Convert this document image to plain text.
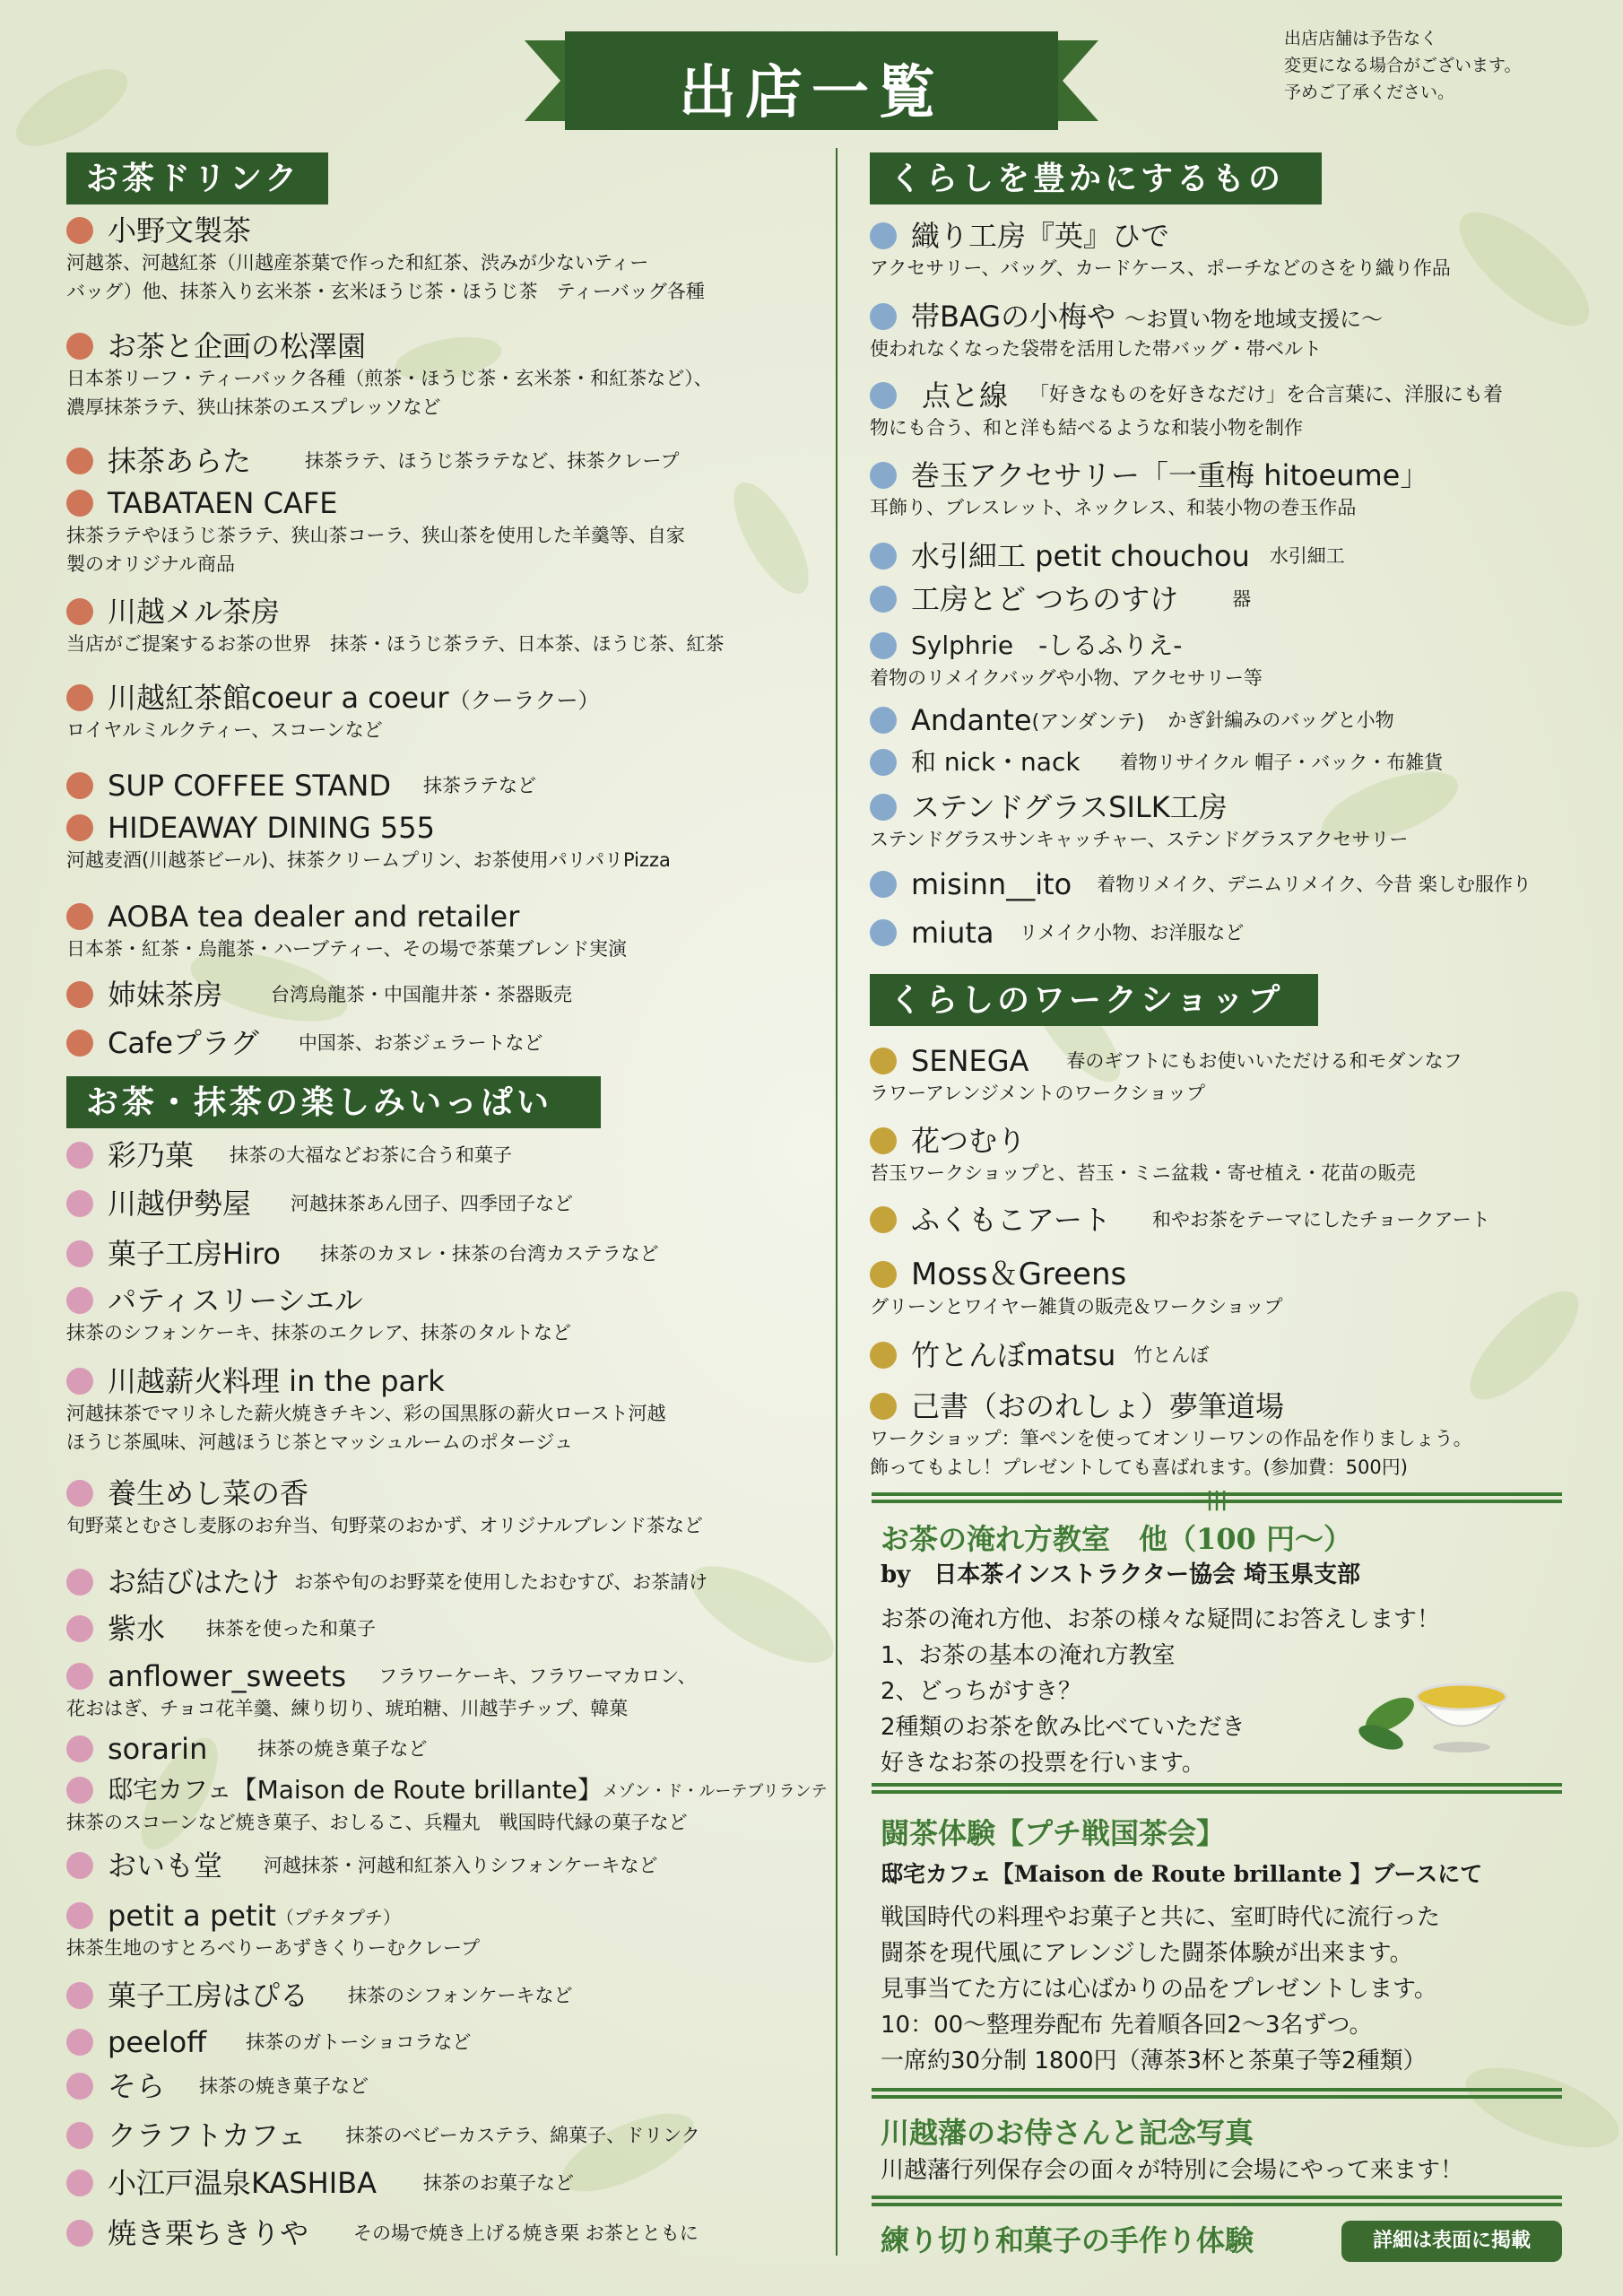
出店一覧
出店店舗は予告なく
変更になる場合がございます。
予めご了承ください。
お茶ドリンク
小野文製茶
河越茶、河越紅茶（川越産茶葉で作った和紅茶、渋みが少ないティー
バッグ）他、抹茶入り玄米茶・玄米ほうじ茶・ほうじ茶　ティーバッグ各種
お茶と企画の松澤園
日本茶リーフ・ティーバック各種（煎茶・ほうじ茶・玄米茶・和紅茶など）、
濃厚抹茶ラテ、狭山抹茶のエスプレッソなど
抹茶あらた	抹茶ラテ、ほうじ茶ラテなど、抹茶クレープ
TABATAEN CAFE
抹茶ラテやほうじ茶ラテ、狭山茶コーラ、狭山茶を使用した羊羹等、自家
製のオリジナル商品
川越メル茶房
当店がご提案するお茶の世界　抹茶・ほうじ茶ラテ、日本茶、ほうじ茶、紅茶
川越紅茶館coeur a coeur （クーラクー）
ロイヤルミルクティー、スコーンなど
SUP COFFEE STAND 抹茶ラテなど
HIDEAWAY DINING 555
河越麦酒(川越茶ビール)、抹茶クリームプリン、お茶使用パリパリPizza
AOBA tea dealer and retailer
日本茶・紅茶・烏龍茶・ハーブティー、その場で茶葉ブレンド実演
姉妹茶房	台湾烏龍茶・中国龍井茶・茶器販売
Cafeプラグ 中国茶、お茶ジェラートなど
お茶・抹茶の楽しみいっぱい
彩乃菓 抹茶の大福などお茶に合う和菓子
川越伊勢屋 河越抹茶あん団子、四季団子など
菓子工房Hiro 抹茶のカヌレ・抹茶の台湾カステラなど
パティスリーシエル
抹茶のシフォンケーキ、抹茶のエクレア、抹茶のタルトなど
川越薪火料理 in the park
河越抹茶でマリネした薪火焼きチキン、彩の国黒豚の薪火ロースト河越
ほうじ茶風味、河越ほうじ茶とマッシュルームのポタージュ
養生めし菜の香
旬野菜とむさし麦豚のお弁当、旬野菜のおかず、オリジナルブレンド茶など
お結びはたけ お茶や旬のお野菜を使用したおむすび、お茶請け
紫水 抹茶を使った和菓子
anflower_sweets フラワーケーキ、フラワーマカロン、
花おはぎ、チョコ花羊羹、練り切り、琥珀糖、川越芋チップ、韓菓
sorarin	抹茶の焼き菓子など
邸宅カフェ【Maison de Route brillante】 メゾン・ド・ルーテブリランテ
抹茶のスコーンなど焼き菓子、おしるこ、兵糧丸　戦国時代縁の菓子など
おいも堂 河越抹茶・河越和紅茶入りシフォンケーキなど
petit a petit （プチタプチ）
抹茶生地のすとろべりーあずきくりーむクレープ
菓子工房はぴる 抹茶のシフォンケーキなど
peeloff 抹茶のガトーショコラなど
そら 抹茶の焼き菓子など
クラフトカフェ 抹茶のベビーカステラ、綿菓子、ドリンク
小江戸温泉KASHIBA 抹茶のお菓子など
焼き栗ちきりや その場で焼き上げる焼き栗 お茶とともに
くらしを豊かにするもの
織り工房『英』ひで
アクセサリー、バッグ、カードケース、ポーチなどのさをり織り作品
帯BAGの小梅や ～お買い物を地域支援に～
使われなくなった袋帯を活用した帯バッグ・帯ベルト
点と線 「好きなものを好きなだけ」を合言葉に、洋服にも着
物にも合う、和と洋も結べるような和装小物を制作
巻玉アクセサリー「一重梅 hitoeume」
耳飾り、ブレスレット、ネックレス、和装小物の巻玉作品
水引細工 petit chouchou 水引細工
工房とど つちのすけ	器
Sylphrie　-しるふりえ-
着物のリメイクバッグや小物、アクセサリー等
Andante (アンダンテ) かぎ針編みのバッグと小物
和 nick・nack 着物リサイクル 帽子・バック・布雑貨
ステンドグラスSILK工房
ステンドグラスサンキャッチャー、ステンドグラスアクセサリー
misinn__ito 着物リメイク、デニムリメイク、今昔 楽しむ服作り
miuta リメイク小物、お洋服など
くらしのワークショップ
SENEGA 春のギフトにもお使いいただける和モダンなフ
ラワーアレンジメントのワークショップ
花つむり
苔玉ワークショップと、苔玉・ミニ盆栽・寄せ植え・花苗の販売
ふくもこアート 和やお茶をテーマにしたチョークアート
Moss＆Greens
グリーンとワイヤー雑貨の販売＆ワークショップ
竹とんぼmatsu 竹とんぼ
己書（おのれしょ）夢筆道場
ワークショップ：筆ペンを使ってオンリーワンの作品を作りましょう。
飾ってもよし！プレゼントしても喜ばれます。(参加費：500円)
|||
お茶の淹れ方教室　他（100 円～）
by　日本茶インストラクター協会 埼玉県支部
お茶の淹れ方他、お茶の様々な疑問にお答えします！
1、お茶の基本の淹れ方教室
2、どっちがすき？
2種類のお茶を飲み比べていただき
好きなお茶の投票を行います。
闘茶体験【プチ戦国茶会】
邸宅カフェ【Maison de Route brillante 】ブースにて
戦国時代の料理やお菓子と共に、室町時代に流行った
闘茶を現代風にアレンジした闘茶体験が出来ます。
見事当てた方には心ばかりの品をプレゼントします。
10：00～整理券配布 先着順各回2～3名ずつ。
一席約30分制 1800円（薄茶3杯と茶菓子等2種類）
川越藩のお侍さんと記念写真
川越藩行列保存会の面々が特別に会場にやって来ます！
練り切り和菓子の手作り体験	詳細は表面に掲載
